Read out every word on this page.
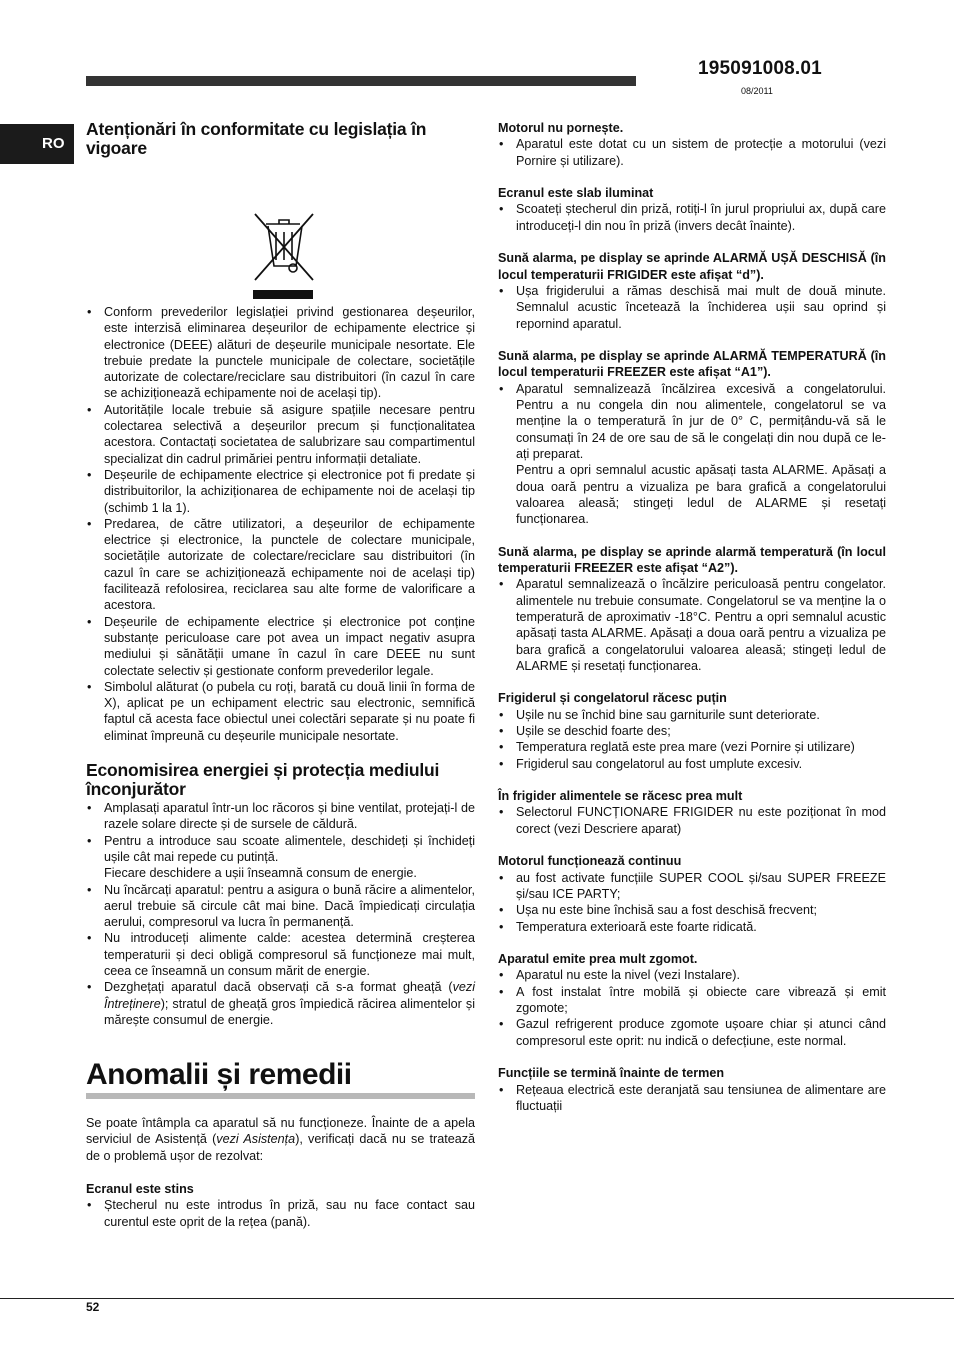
195091008.01
08/2011
RO
Atenționări în conformitate cu legislația în vigoare
• Conform prevederilor legislației privind gestionarea deșeurilor, este interzisă eliminarea deșeurilor de echipamente electrice și electronice (DEEE) alături de deșeurile municipale nesortate. Ele trebuie predate la punctele municipale de colectare, societățile autorizate de colectare/reciclare sau distribuitori (în cazul în care se achiziționează echipamente noi de același tip).
• Autoritățile locale trebuie să asigure spațiile necesare pentru colectarea selectivă a deșeurilor precum și funcționalitatea acestora. Contactați societatea de salubrizare sau compartimentul specializat din cadrul primăriei pentru informații detaliate.
• Deșeurile de echipamente electrice și electronice pot fi predate și distribuitorilor, la achiziționarea de echipamente noi de același tip (schimb 1 la 1).
• Predarea, de către utilizatori, a deșeurilor de echipamente electrice și electronice, la punctele de colectare municipale, societățile autorizate de colectare/reciclare sau distribuitori (în cazul în care se achiziționează echipamente noi de același tip) facilitează refolosirea, reciclarea sau alte forme de valorificare a acestora.
• Deșeurile de echipamente electrice și electronice pot conține substanțe periculoase care pot avea un impact negativ asupra mediului și sănătății umane în cazul în care DEEE nu sunt colectate selectiv și gestionate conform prevederilor legale.
• Simbolul alăturat (o pubela cu roți, barată cu două linii în forma de X), aplicat pe un echipament electric sau electronic, semnifică faptul că acesta face obiectul unei colectări separate și nu poate fi eliminat împreună cu deșeurile municipale nesortate.
Economisirea energiei și protecția mediului înconjurător
• Amplasați aparatul într-un loc răcoros și bine ventilat, protejați-l de razele solare directe și de sursele de căldură.
• Pentru a introduce sau scoate alimentele, deschideți și închideți ușile cât mai repede cu putință.
Fiecare deschidere a ușii înseamnă consum de energie.
• Nu încărcați aparatul: pentru a asigura o bună răcire a alimentelor, aerul trebuie să circule cât mai bine. Dacă împiedicați circulația aerului, compresorul va lucra în permanență.
• Nu introduceți alimente calde: acestea determină creșterea temperaturii și deci obligă compresorul să funcționeze mai mult, ceea ce înseamnă un consum mărit de energie.
• Dezghețați aparatul dacă observați că s-a format gheață (vezi Întreținere); stratul de gheață gros împiedică răcirea alimentelor și mărește consumul de energie.
Anomalii și remedii

Se poate întâmpla ca aparatul să nu funcționeze. Înainte de a apela serviciul de Asistență (vezi Asistența), verificați dacă nu se tratează de o problemă ușor de rezolvat:

Ecranul este stins

• Ștecherul nu este introdus în priză, sau nu face contact sau curentul este oprit de la rețea (pană).

Motorul nu pornește.

• Aparatul este dotat cu un sistem de protecție a motorului (vezi Pornire și utilizare).

Ecranul este slab iluminat

• Scoateți ștecherul din priză, rotiți-l în jurul propriului ax, după care introduceți-l din nou în priză (invers decât înainte).

Sună alarma, pe display se aprinde ALARMĂ UȘĂ DESCHISĂ (în locul temperaturii FRIGIDER este afișat “d”).

• Ușa frigiderului a rămas deschisă mai mult de două minute. Semnalul acustic încetează la închiderea ușii sau oprind și repornind aparatul.

Sună alarma, pe display se aprinde ALARMĂ TEMPERATURĂ (în locul temperaturii FREEZER este afișat “A1”).

• Aparatul semnalizează încălzirea excesivă a congelatorului. Pentru a nu congela din nou alimentele, congelatorul se va menține la o temperatură în jur de 0° C, permițându-vă să le consumați în 24 de ore sau de să le congelați din nou după ce le-ați preparat.
Pentru a opri semnalul acustic apăsați tasta ALARME. Apăsați a doua oară pentru a vizualiza pe bara grafică a congelatorului valoarea aleasă; stingeți ledul de ALARME și resetați funcționarea.

Sună alarma, pe display se aprinde alarmă temperatură (în locul temperaturii FREEZER este afișat “A2”).

• Aparatul semnalizează o încălzire periculoasă pentru congelator. alimentele nu trebuie consumate. Congelatorul se va menține la o temperatură de aproximativ -18°C. Pentru a opri semnalul acustic apăsați tasta ALARME. Apăsați a doua oară pentru a vizualiza pe bara grafică a congelatorului valoarea aleasă; stingeți ledul de ALARME și resetați funcționarea.

Frigiderul și congelatorul răcesc puțin

• Ușile nu se închid bine sau garniturile sunt deteriorate.
• Ușile se deschid foarte des;
• Temperatura reglată este prea mare (vezi Pornire și utilizare)
• Frigiderul sau congelatorul au fost umplute excesiv.

În frigider alimentele se răcesc prea mult

• Selectorul FUNCȚIONARE FRIGIDER nu este poziționat în mod corect (vezi Descriere aparat)

Motorul funcționează continuu

• au fost activate funcțiile SUPER COOL și/sau SUPER FREEZE și/sau ICE PARTY;
• Ușa nu este bine închisă sau a fost deschisă frecvent;
• Temperatura exterioară este foarte ridicată.

Aparatul emite prea mult zgomot.

• Aparatul nu este la nivel (vezi Instalare).
• A fost instalat între mobilă și obiecte care vibrează și emit zgomote;
• Gazul refrigerent produce zgomote ușoare chiar și atunci când compresorul este oprit: nu indică o defecțiune, este normal.

Funcțiile se termină înainte de termen

• Rețeaua electrică este deranjată sau tensiunea de alimentare are fluctuații
52
